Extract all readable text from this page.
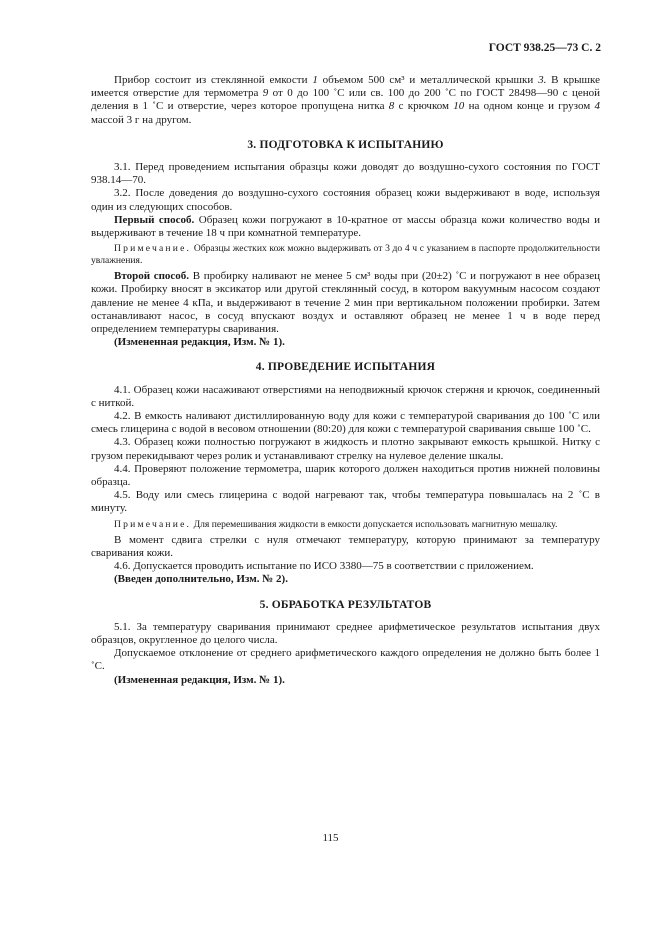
ГОСТ 938.25—73 С. 2

Прибор состоит из стеклянной емкости 1 объемом 500 см³ и металлической крышки 3. В крышке имеется отверстие для термометра 9 от 0 до 100 ˚С или св. 100 до 200 ˚С по ГОСТ 28498—90 с ценой деления в 1 ˚С и отверстие, через которое пропущена нитка 8 с крючком 10 на одном конце и грузом 4 массой 3 г на другом.

3. ПОДГОТОВКА К ИСПЫТАНИЮ

3.1. Перед проведением испытания образцы кожи доводят до воздушно-сухого состояния по ГОСТ 938.14—70.

3.2. После доведения до воздушно-сухого состояния образец кожи выдерживают в воде, используя один из следующих способов.

Первый способ. Образец кожи погружают в 10-кратное от массы образца кожи количество воды и выдерживают в течение 18 ч при комнатной температуре.

Примечание. Образцы жестких кож можно выдерживать от 3 до 4 ч с указанием в паспорте продолжительности увлажнения.

Второй способ. В пробирку наливают не менее 5 см³ воды при (20±2) ˚С и погружают в нее образец кожи. Пробирку вносят в эксикатор или другой стеклянный сосуд, в котором вакуумным насосом создают давление не менее 4 кПа, и выдерживают в течение 2 мин при вертикальном положении пробирки. Затем останавливают насос, в сосуд впускают воздух и оставляют образец не менее 1 ч в воде перед определением температуры сваривания.

(Измененная редакция, Изм. № 1).

4. ПРОВЕДЕНИЕ ИСПЫТАНИЯ

4.1. Образец кожи насаживают отверстиями на неподвижный крючок стержня и крючок, соединенный с ниткой.

4.2. В емкость наливают дистиллированную воду для кожи с температурой сваривания до 100 ˚С или смесь глицерина с водой в весовом отношении (80:20) для кожи с температурой сваривания свыше 100 ˚С.

4.3. Образец кожи полностью погружают в жидкость и плотно закрывают емкость крышкой. Нитку с грузом перекидывают через ролик и устанавливают стрелку на нулевое деление шкалы.

4.4. Проверяют положение термометра, шарик которого должен находиться против нижней половины образца.

4.5. Воду или смесь глицерина с водой нагревают так, чтобы температура повышалась на 2 ˚С в минуту.

Примечание. Для перемешивания жидкости в емкости допускается использовать магнитную мешалку.

В момент сдвига стрелки с нуля отмечают температуру, которую принимают за температуру сваривания кожи.

4.6. Допускается проводить испытание по ИСО 3380—75 в соответствии с приложением.

(Введен дополнительно, Изм. № 2).

5. ОБРАБОТКА РЕЗУЛЬТАТОВ

5.1. За температуру сваривания принимают среднее арифметическое результатов испытания двух образцов, округленное до целого числа.

Допускаемое отклонение от среднего арифметического каждого определения не должно быть более 1 ˚С.

(Измененная редакция, Изм. № 1).

115
